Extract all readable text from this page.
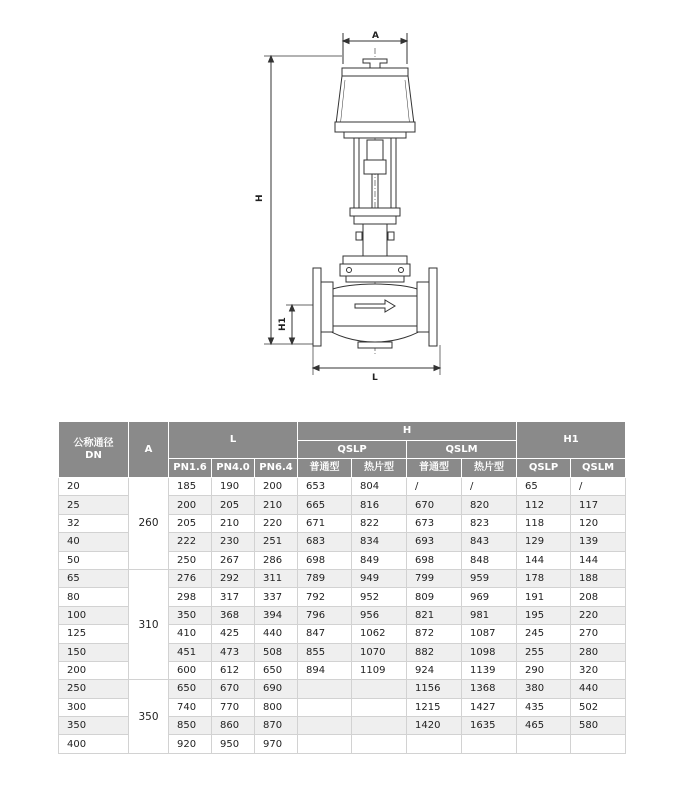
A
H
H1
L
公称通径
DN	A	L			H				H1	
					QSLP		QSLM			
		PN1.6	PN4.0	PN6.4	普通型	热片型	普通型	热片型	QSLP	QSLM
20	260	185	190	200	653	804	/	/	65	/
25		200	205	210	665	816	670	820	112	117
32		205	210	220	671	822	673	823	118	120
40		222	230	251	683	834	693	843	129	139
50		250	267	286	698	849	698	848	144	144
65	310	276	292	311	789	949	799	959	178	188
80		298	317	337	792	952	809	969	191	208
100		350	368	394	796	956	821	981	195	220
125		410	425	440	847	1062	872	1087	245	270
150		451	473	508	855	1070	882	1098	255	280
200		600	612	650	894	1109	924	1139	290	320
250	350	650	670	690			1156	1368	380	440
300		740	770	800			1215	1427	435	502
350		850	860	870			1420	1635	465	580
400		920	950	970						
